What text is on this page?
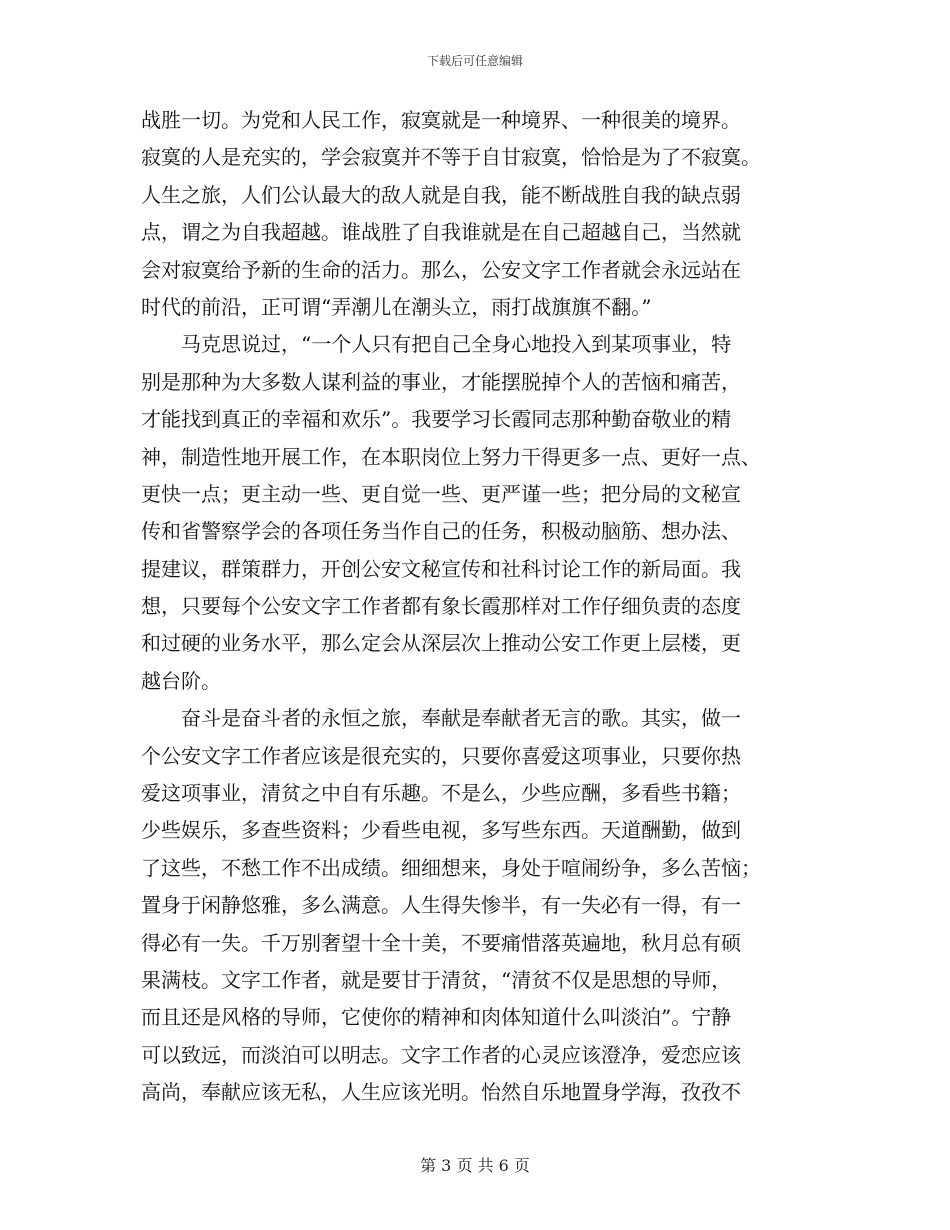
下载后可任意编辑
战胜一切。为党和人民工作，寂寞就是一种境界、一种很美的境界。
寂寞的人是充实的，学会寂寞并不等于自甘寂寞，恰恰是为了不寂寞。
人生之旅，人们公认最大的敌人就是自我，能不断战胜自我的缺点弱
点，谓之为自我超越。谁战胜了自我谁就是在自己超越自己，当然就
会对寂寞给予新的生命的活力。那么，公安文字工作者就会永远站在
时代的前沿，正可谓“弄潮儿在潮头立，雨打战旗旗不翻。”
　　马克思说过，“一个人只有把自己全身心地投入到某项事业，特
别是那种为大多数人谋利益的事业，才能摆脱掉个人的苦恼和痛苦，
才能找到真正的幸福和欢乐”。我要学习长霞同志那种勤奋敬业的精
神，制造性地开展工作，在本职岗位上努力干得更多一点、更好一点、
更快一点；更主动一些、更自觉一些、更严谨一些；把分局的文秘宣
传和省警察学会的各项任务当作自己的任务，积极动脑筋、想办法、
提建议，群策群力，开创公安文秘宣传和社科讨论工作的新局面。我
想，只要每个公安文字工作者都有象长霞那样对工作仔细负责的态度
和过硬的业务水平，那么定会从深层次上推动公安工作更上层楼，更
越台阶。
　　奋斗是奋斗者的永恒之旅，奉献是奉献者无言的歌。其实，做一
个公安文字工作者应该是很充实的，只要你喜爱这项事业，只要你热
爱这项事业，清贫之中自有乐趣。不是么，少些应酬，多看些书籍；
少些娱乐，多查些资料；少看些电视，多写些东西。天道酬勤，做到
了这些，不愁工作不出成绩。细细想来，身处于喧闹纷争，多么苦恼；
置身于闲静悠雅，多么满意。人生得失惨半，有一失必有一得，有一
得必有一失。千万别奢望十全十美，不要痛惜落英遍地，秋月总有硕
果满枝。文字工作者，就是要甘于清贫，“清贫不仅是思想的导师，
而且还是风格的导师，它使你的精神和肉体知道什么叫淡泊”。宁静
可以致远，而淡泊可以明志。文字工作者的心灵应该澄净，爱恋应该
高尚，奉献应该无私，人生应该光明。怡然自乐地置身学海，孜孜不
第 3 页 共 6 页
